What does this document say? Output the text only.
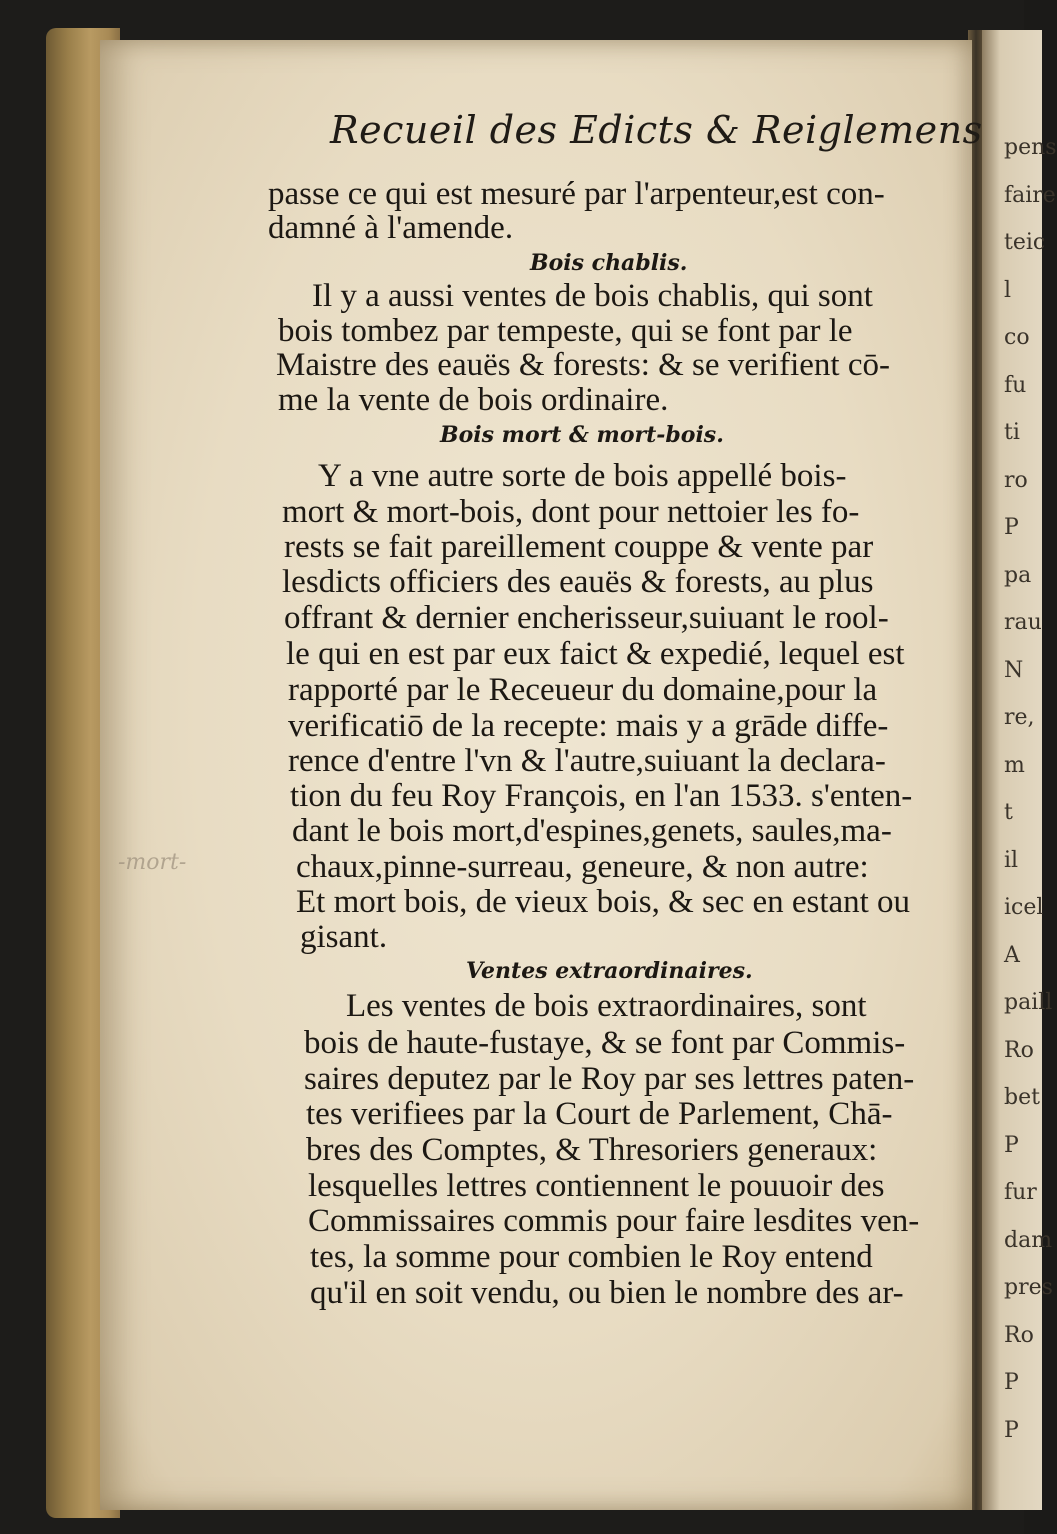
pens
faire
teic
l
co
fu
ti
ro
P
pa
rau
N
re,
m
t
il
icel
A
paill
Ro
bet
P
fur
dam
pres
Ro
P
P
Recueil des Edicts & Reiglemens
passe ce qui est mesuré par l'arpenteur,est con-
damné à l'amende.
Bois chablis.
Il y a aussi ventes de bois chablis, qui sont
bois tombez par tempeste, qui se font par le
Maistre des eauës & forests: & se verifient cō-
me la vente de bois ordinaire.
Bois mort & mort-bois.
Y a vne autre sorte de bois appellé bois-
mort & mort-bois, dont pour nettoier les fo-
rests se fait pareillement couppe & vente par
lesdicts officiers des eauës & forests, au plus
offrant & dernier encherisseur,suiuant le rool-
le qui en est par eux faict & expedié, lequel est
rapporté par le Receueur du domaine,pour la
verificatiō de la recepte: mais y a grāde diffe-
rence d'entre l'vn & l'autre,suiuant la declara-
tion du feu Roy François, en l'an 1533. s'enten-
dant le bois mort,d'espines,genets, saules,ma-
chaux,pinne-surreau, geneure, & non autre:
Et mort bois, de vieux bois, & sec en estant ou
gisant.
Ventes extraordinaires.
Les ventes de bois extraordinaires, sont
bois de haute-fustaye, & se font par Commis-
saires deputez par le Roy par ses lettres paten-
tes verifiees par la Court de Parlement, Chā-
bres des Comptes, & Thresoriers generaux:
lesquelles lettres contiennent le pouuoir des
Commissaires commis pour faire lesdites ven-
tes, la somme pour combien le Roy entend
qu'il en soit vendu, ou bien le nombre des ar-
-mort-
